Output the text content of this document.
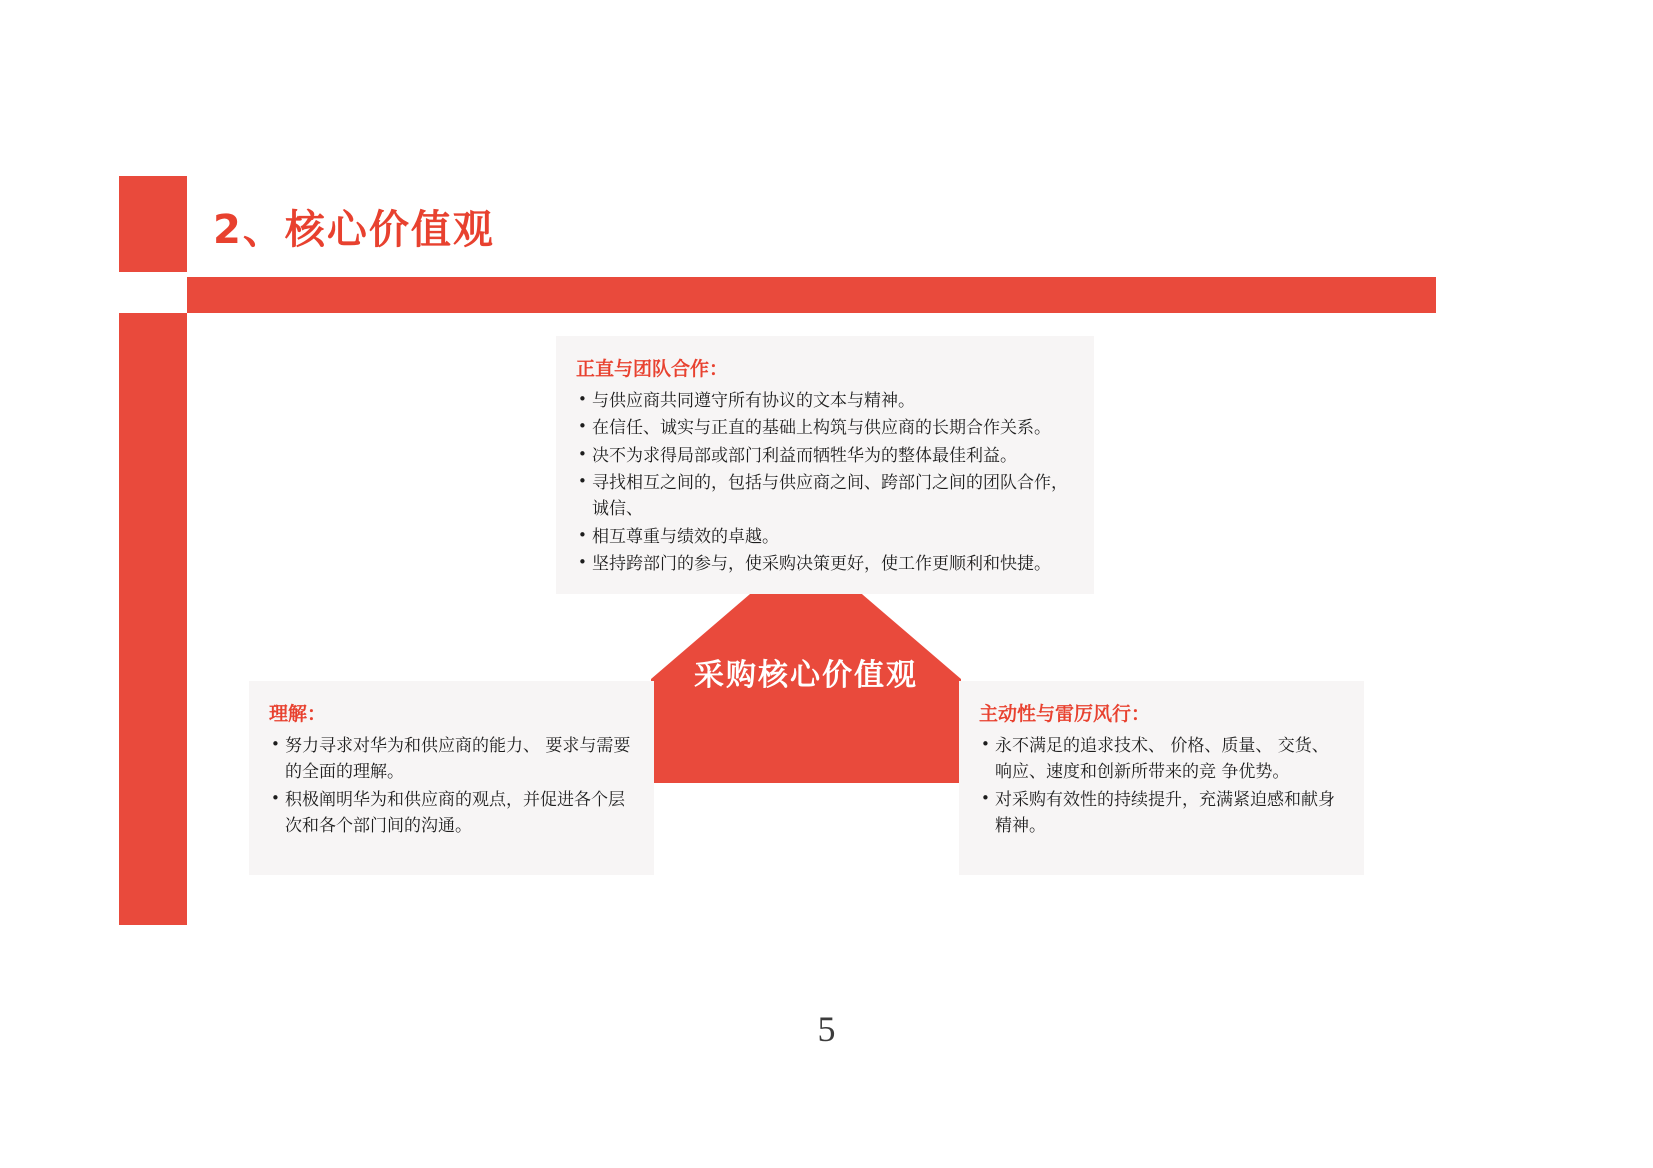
2、核心价值观
采购核心价值观
正直与团队合作：
• 与供应商共同遵守所有协议的文本与精神。
• 在信任、诚实与正直的基础上构筑与供应商的长期合作关系。
• 决不为求得局部或部门利益而牺牲华为的整体最佳利益。
• 寻找相互之间的，包括与供应商之间、跨部门之间的团队合作，诚信、
• 相互尊重与绩效的卓越。
• 坚持跨部门的参与，使采购决策更好，使工作更顺利和快捷。
理解：
• 努力寻求对华为和供应商的能力、 要求与需要的全面的理解。
• 积极阐明华为和供应商的观点，并促进各个层次和各个部门间的沟通。
主动性与雷厉风行：
• 永不满足的追求技术、 价格、质量、 交货、响应、速度和创新所带来的竞 争优势。
• 对采购有效性的持续提升，充满紧迫感和献身精神。
5
